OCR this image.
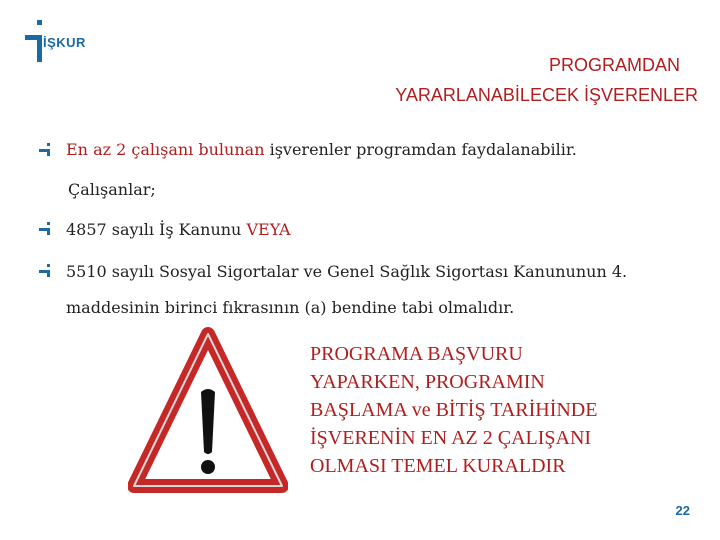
İŞKUR
PROGRAMDAN
YARARLANABİLECEK İŞVERENLER
En az 2 çalışanı bulunan işverenler programdan faydalanabilir.
Çalışanlar;
4857 sayılı İş Kanunu VEYA
5510 sayılı Sosyal Sigortalar ve Genel Sağlık Sigortası Kanununun 4.
maddesinin birinci fıkrasının (a) bendine tabi olmalıdır.
PROGRAMA BAŞVURU
YAPARKEN, PROGRAMIN
BAŞLAMA ve BİTİŞ TARİHİNDE
İŞVERENİN EN AZ 2 ÇALIŞANI
OLMASI TEMEL KURALDIR
22
